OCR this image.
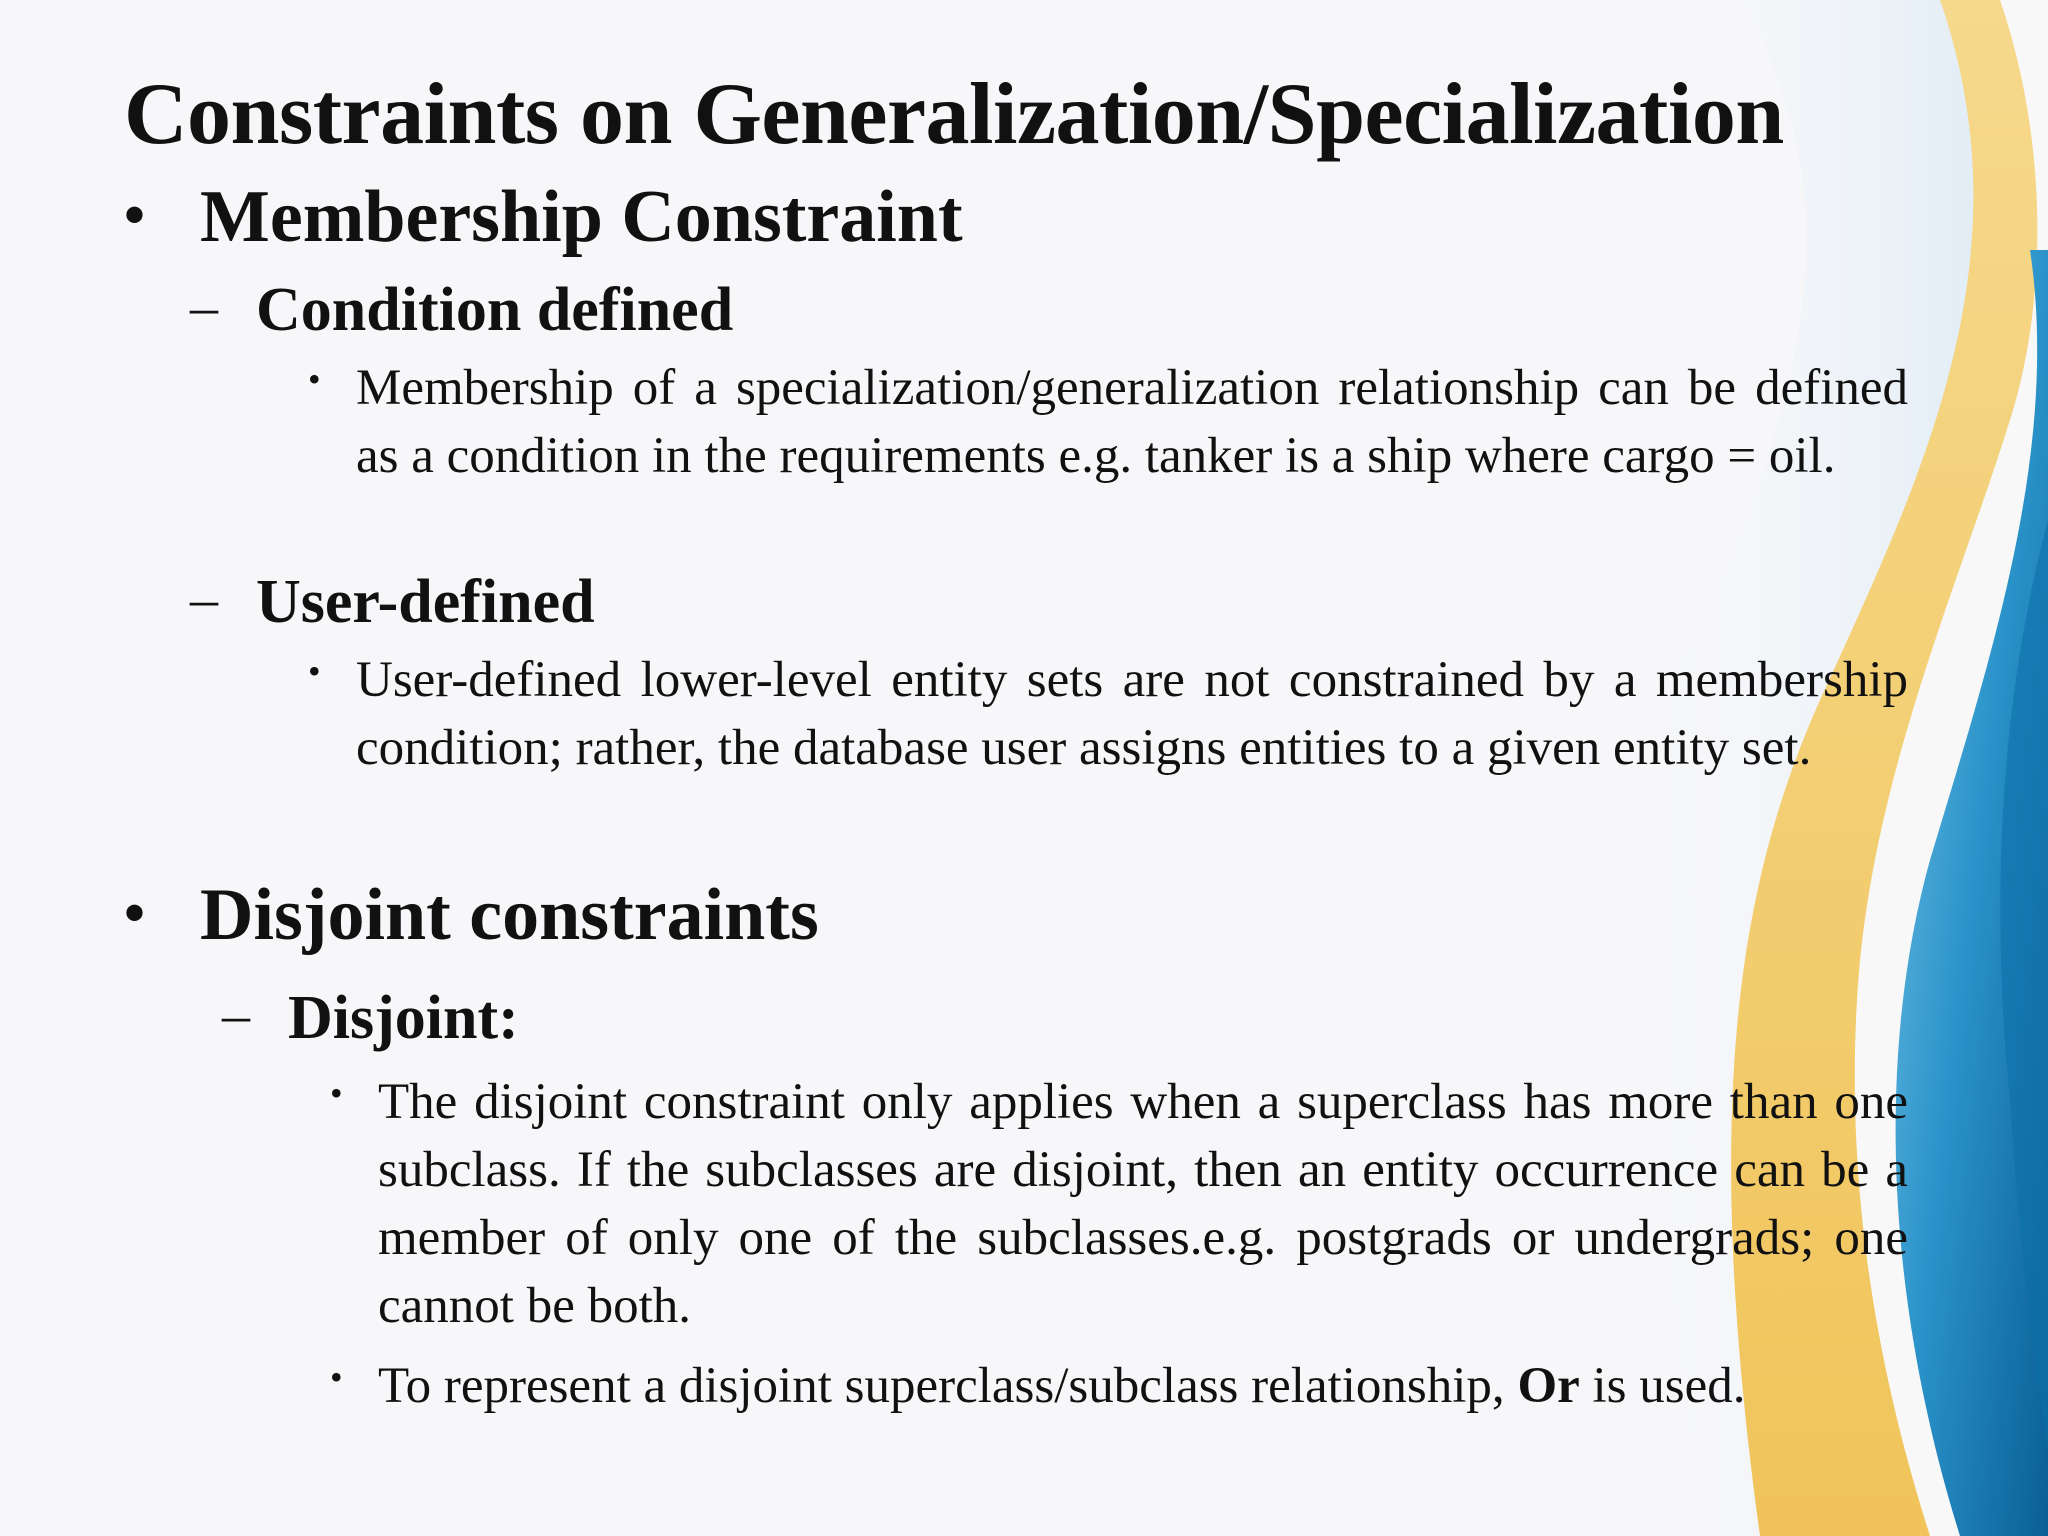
Constraints on Generalization/Specialization
• Membership Constraint
– Condition defined
• Membership of a specialization/generalization relationship can be defined as a condition in the requirements e.g. tanker is a ship where cargo = oil.
– User-defined
• User-defined lower-level entity sets are not constrained by a membership condition; rather, the database user assigns entities to a given entity set.
• Disjoint constraints
– Disjoint:
• The disjoint constraint only applies when a superclass has more than one subclass. If the subclasses are disjoint, then an entity occurrence can be a member of only one of the subclasses.e.g. postgrads or undergrads; one cannot be both.
• To represent a disjoint superclass/subclass relationship, Or is used.
